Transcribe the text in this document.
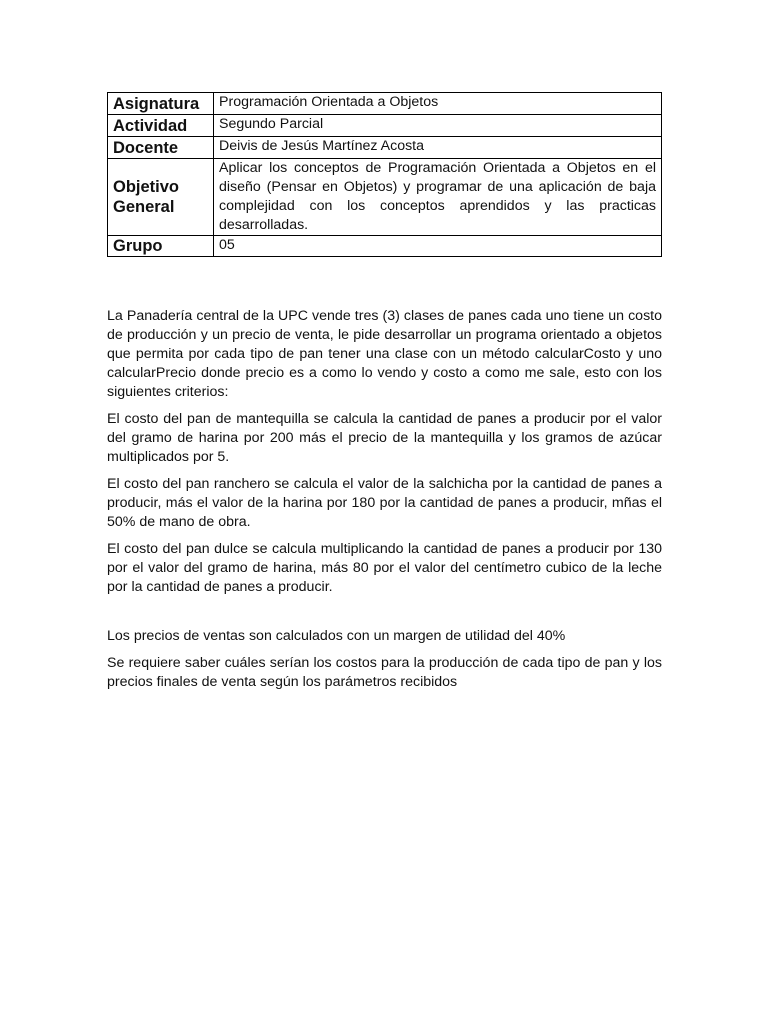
Asignatura	Programación Orientada a Objetos
Actividad	Segundo Parcial
Docente	Deivis de Jesús Martínez Acosta
Objetivo General	Aplicar los conceptos de Programación Orientada a Objetos en el diseño (Pensar en Objetos) y programar de una aplicación de baja complejidad con los conceptos aprendidos y las practicas desarrolladas.
Grupo	05

La Panadería central de la UPC vende tres (3) clases de panes cada uno tiene un costo de producción y un precio de venta, le pide desarrollar un programa orientado a objetos que permita por cada tipo de pan tener una clase con un método calcularCosto y uno calcularPrecio donde precio es a como lo vendo y costo a como me sale, esto con los siguientes criterios:

El costo del pan de mantequilla se calcula la cantidad de panes a producir por el valor del gramo de harina por 200 más el precio de la mantequilla y los gramos de azúcar multiplicados por 5.

El costo del pan ranchero se calcula el valor de la salchicha por la cantidad de panes a producir, más el valor de la harina por 180 por la cantidad de panes a producir, mñas el 50% de mano de obra.

El costo del pan dulce se calcula multiplicando la cantidad de panes a producir por 130 por el valor del gramo de harina, más 80 por el valor del centímetro cubico de la leche por la cantidad de panes a producir.

Los precios de ventas son calculados con un margen de utilidad del 40%

Se requiere saber cuáles serían los costos para la producción de cada tipo de pan y los precios finales de venta según los parámetros recibidos
